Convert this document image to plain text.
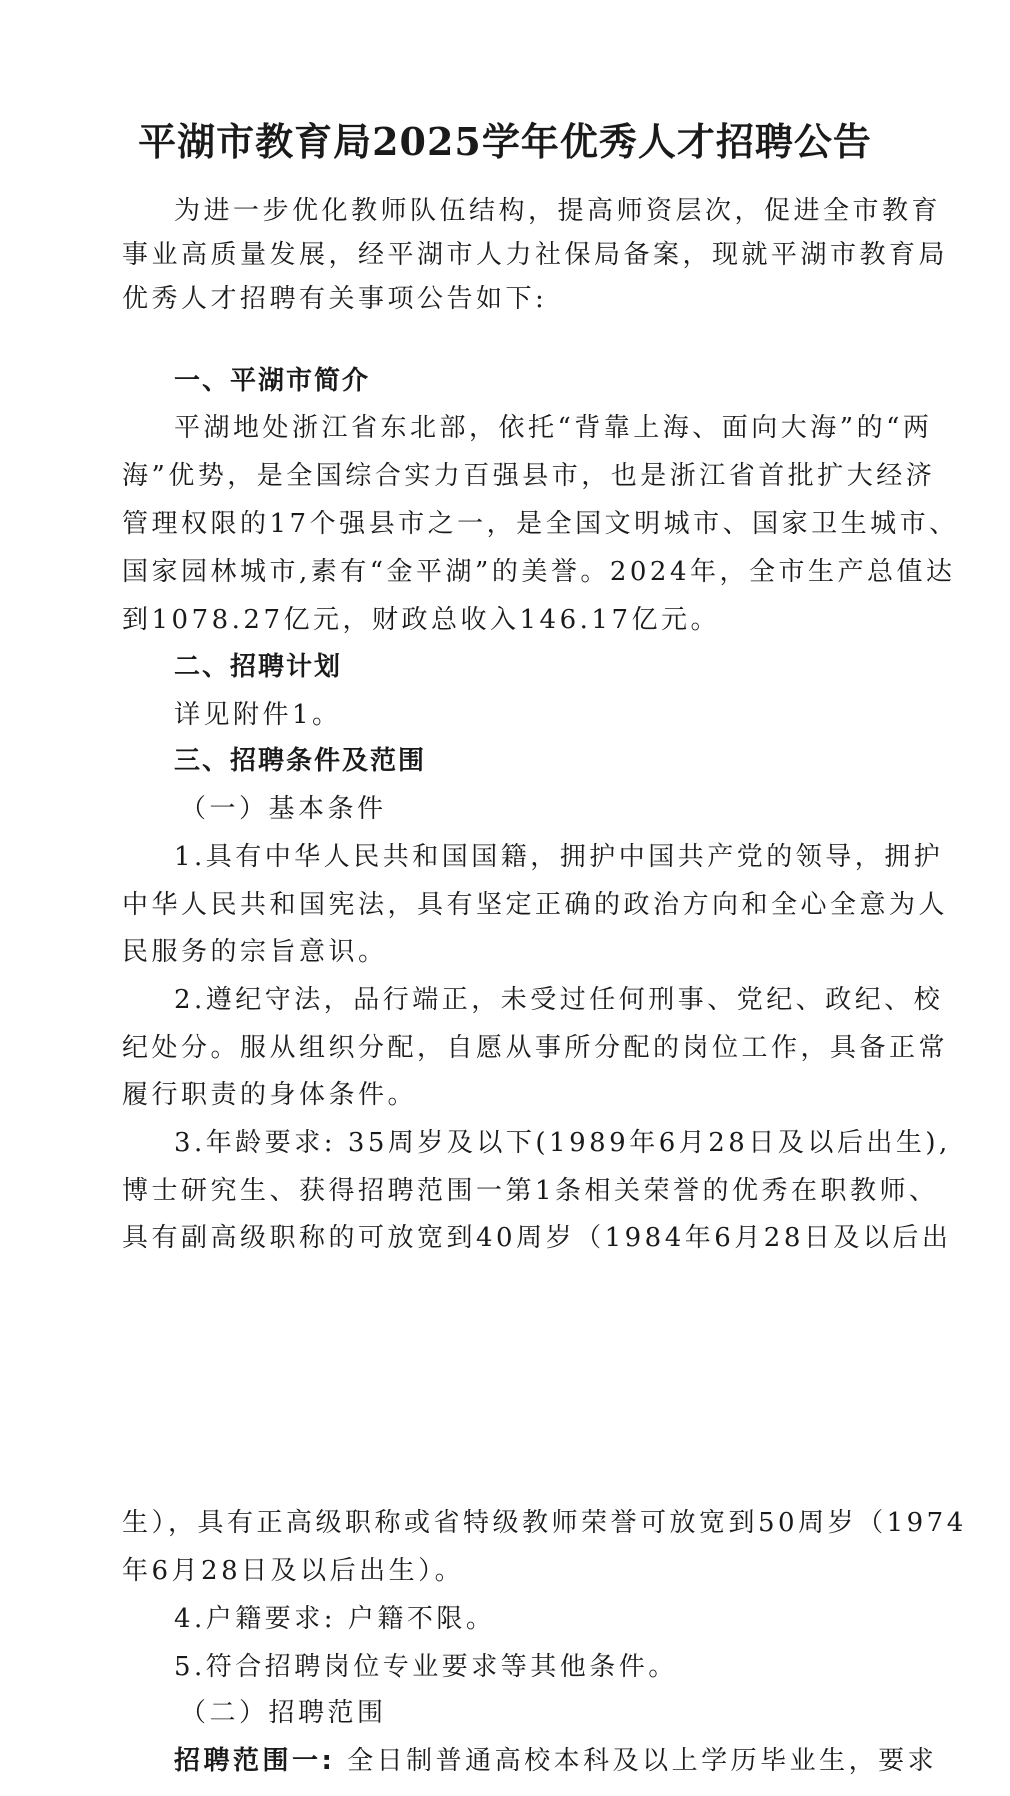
平湖市教育局2025学年优秀人才招聘公告
为进一步优化教师队伍结构，提高师资层次，促进全市教育
事业高质量发展，经平湖市人力社保局备案，现就平湖市教育局
优秀人才招聘有关事项公告如下:
一、平湖市简介
平湖地处浙江省东北部，依托“背靠上海、面向大海”的“两
海”优势，是全国综合实力百强县市，也是浙江省首批扩大经济
管理权限的17个强县市之一，是全国文明城市、国家卫生城市、
国家园林城市,素有“金平湖”的美誉。2024年，全市生产总值达
到1078.27亿元，财政总收入146.17亿元。
二、招聘计划
详见附件1。
三、招聘条件及范围
（一）基本条件
1.具有中华人民共和国国籍，拥护中国共产党的领导，拥护
中华人民共和国宪法，具有坚定正确的政治方向和全心全意为人
民服务的宗旨意识。
2.遵纪守法，品行端正，未受过任何刑事、党纪、政纪、校
纪处分。服从组织分配，自愿从事所分配的岗位工作，具备正常
履行职责的身体条件。
3.年龄要求: 35周岁及以下(1989年6月28日及以后出生),
博士研究生、获得招聘范围一第1条相关荣誉的优秀在职教师、
具有副高级职称的可放宽到40周岁（1984年6月28日及以后出
生），具有正高级职称或省特级教师荣誉可放宽到50周岁（1974
年6月28日及以后出生）。
4.户籍要求: 户籍不限。
5.符合招聘岗位专业要求等其他条件。
（二）招聘范围
招聘范围一: 全日制普通高校本科及以上学历毕业生，要求
